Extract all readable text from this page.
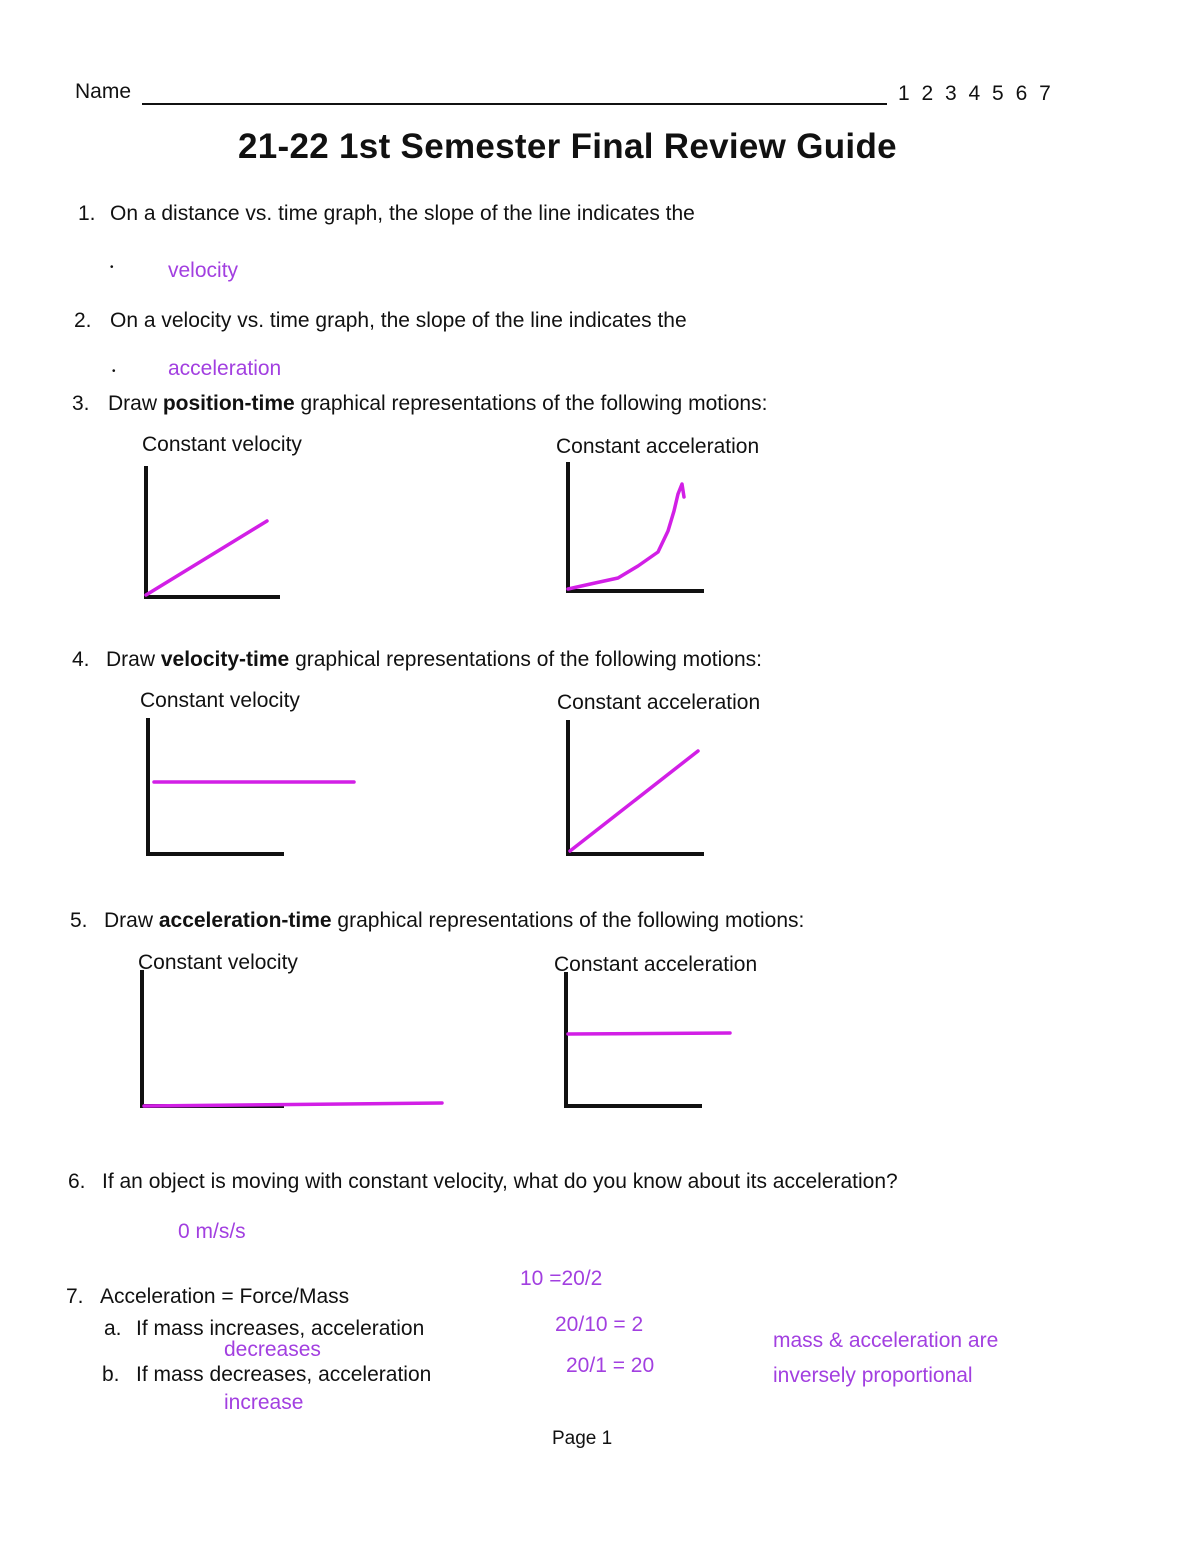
Name	1 2 3 4 5 6 7
21-22 1st Semester Final Review Guide
1. On a distance vs. time graph, the slope of the line indicates the
•	velocity
2. On a velocity vs. time graph, the slope of the line indicates the
• acceleration
3. Draw position-time graphical representations of the following motions:
Constant velocity	Constant acceleration
4. Draw velocity-time graphical representations of the following motions:
Constant velocity	Constant acceleration
5. Draw acceleration-time graphical representations of the following motions:
Constant velocity	Constant acceleration
6. If an object is moving with constant velocity, what do you know about its acceleration?
0 m/s/s
7. Acceleration = Force/Mass
a. If mass increases, acceleration
decreases
b. If mass decreases, acceleration
increase
10 =20/2
20/10 = 2
20/1 = 20
mass & acceleration are
inversely proportional
Page 1
